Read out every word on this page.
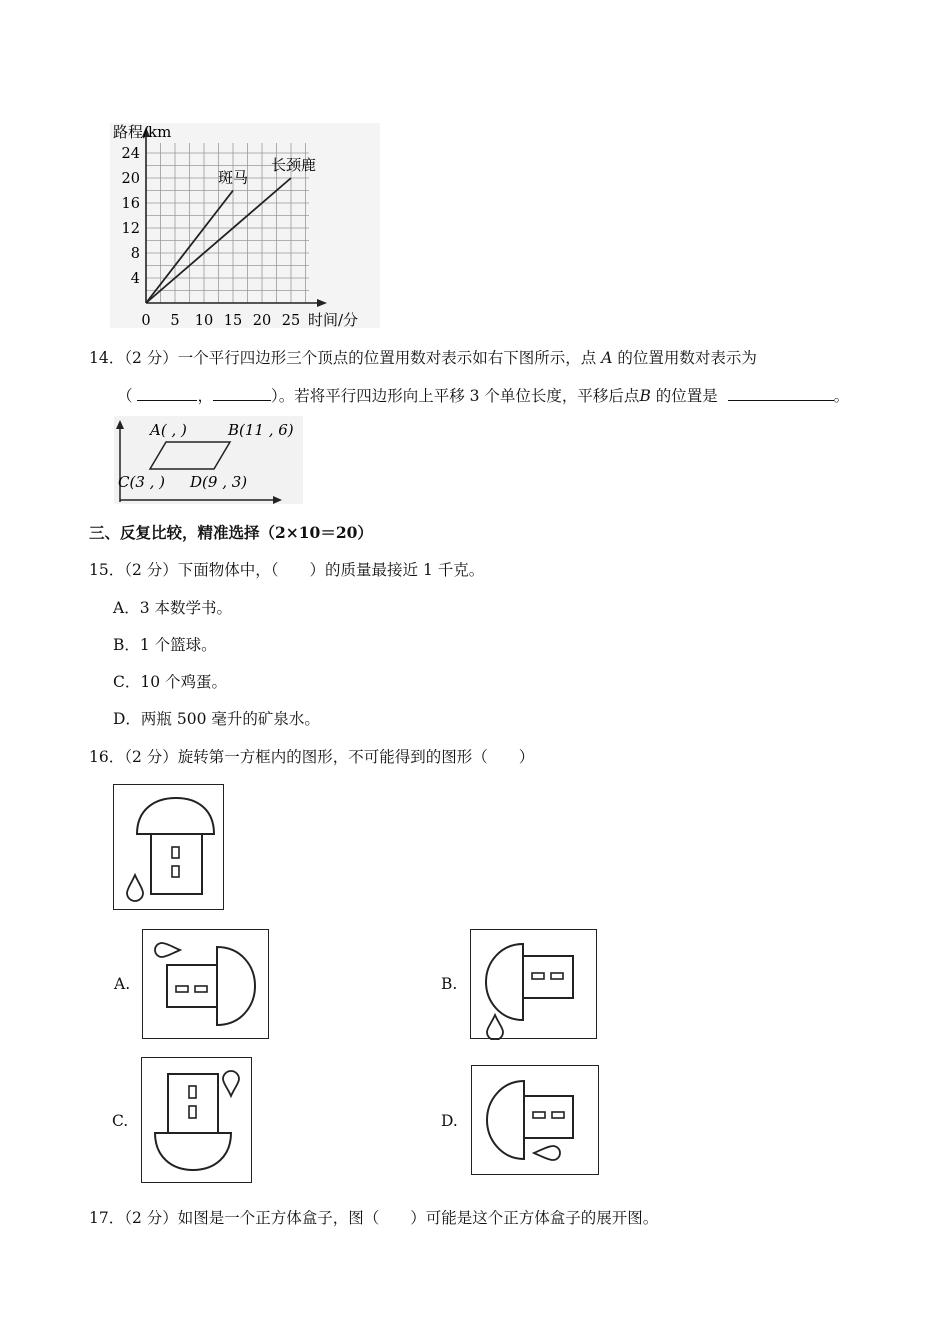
斑马
长颈鹿
24
20
16
12
8
4
0 5 10 15 20 25
路程/km
时间/分
14．（2 分）一个平行四边形三个顶点的位置用数对表示如右下图所示，点 A 的位置用数对表示为
（	，	）。若将平行四边形向上平移 3 个单位长度，平移后点B 的位置是	。
A( , )	B(11 , 6)
C(3 , ) D(9 , 3)
三、反复比较，精准选择（2×10＝20）
15．（2 分）下面物体中，（　　）的质量最接近 1 千克。
A．3 本数学书。
B．1 个篮球。
C．10 个鸡蛋。
D．两瓶 500 毫升的矿泉水。
16．（2 分）旋转第一方框内的图形，不可能得到的图形（　　）
A.	B.
C.	D.
17．（2 分）如图是一个正方体盒子，图（　　）可能是这个正方体盒子的展开图。
